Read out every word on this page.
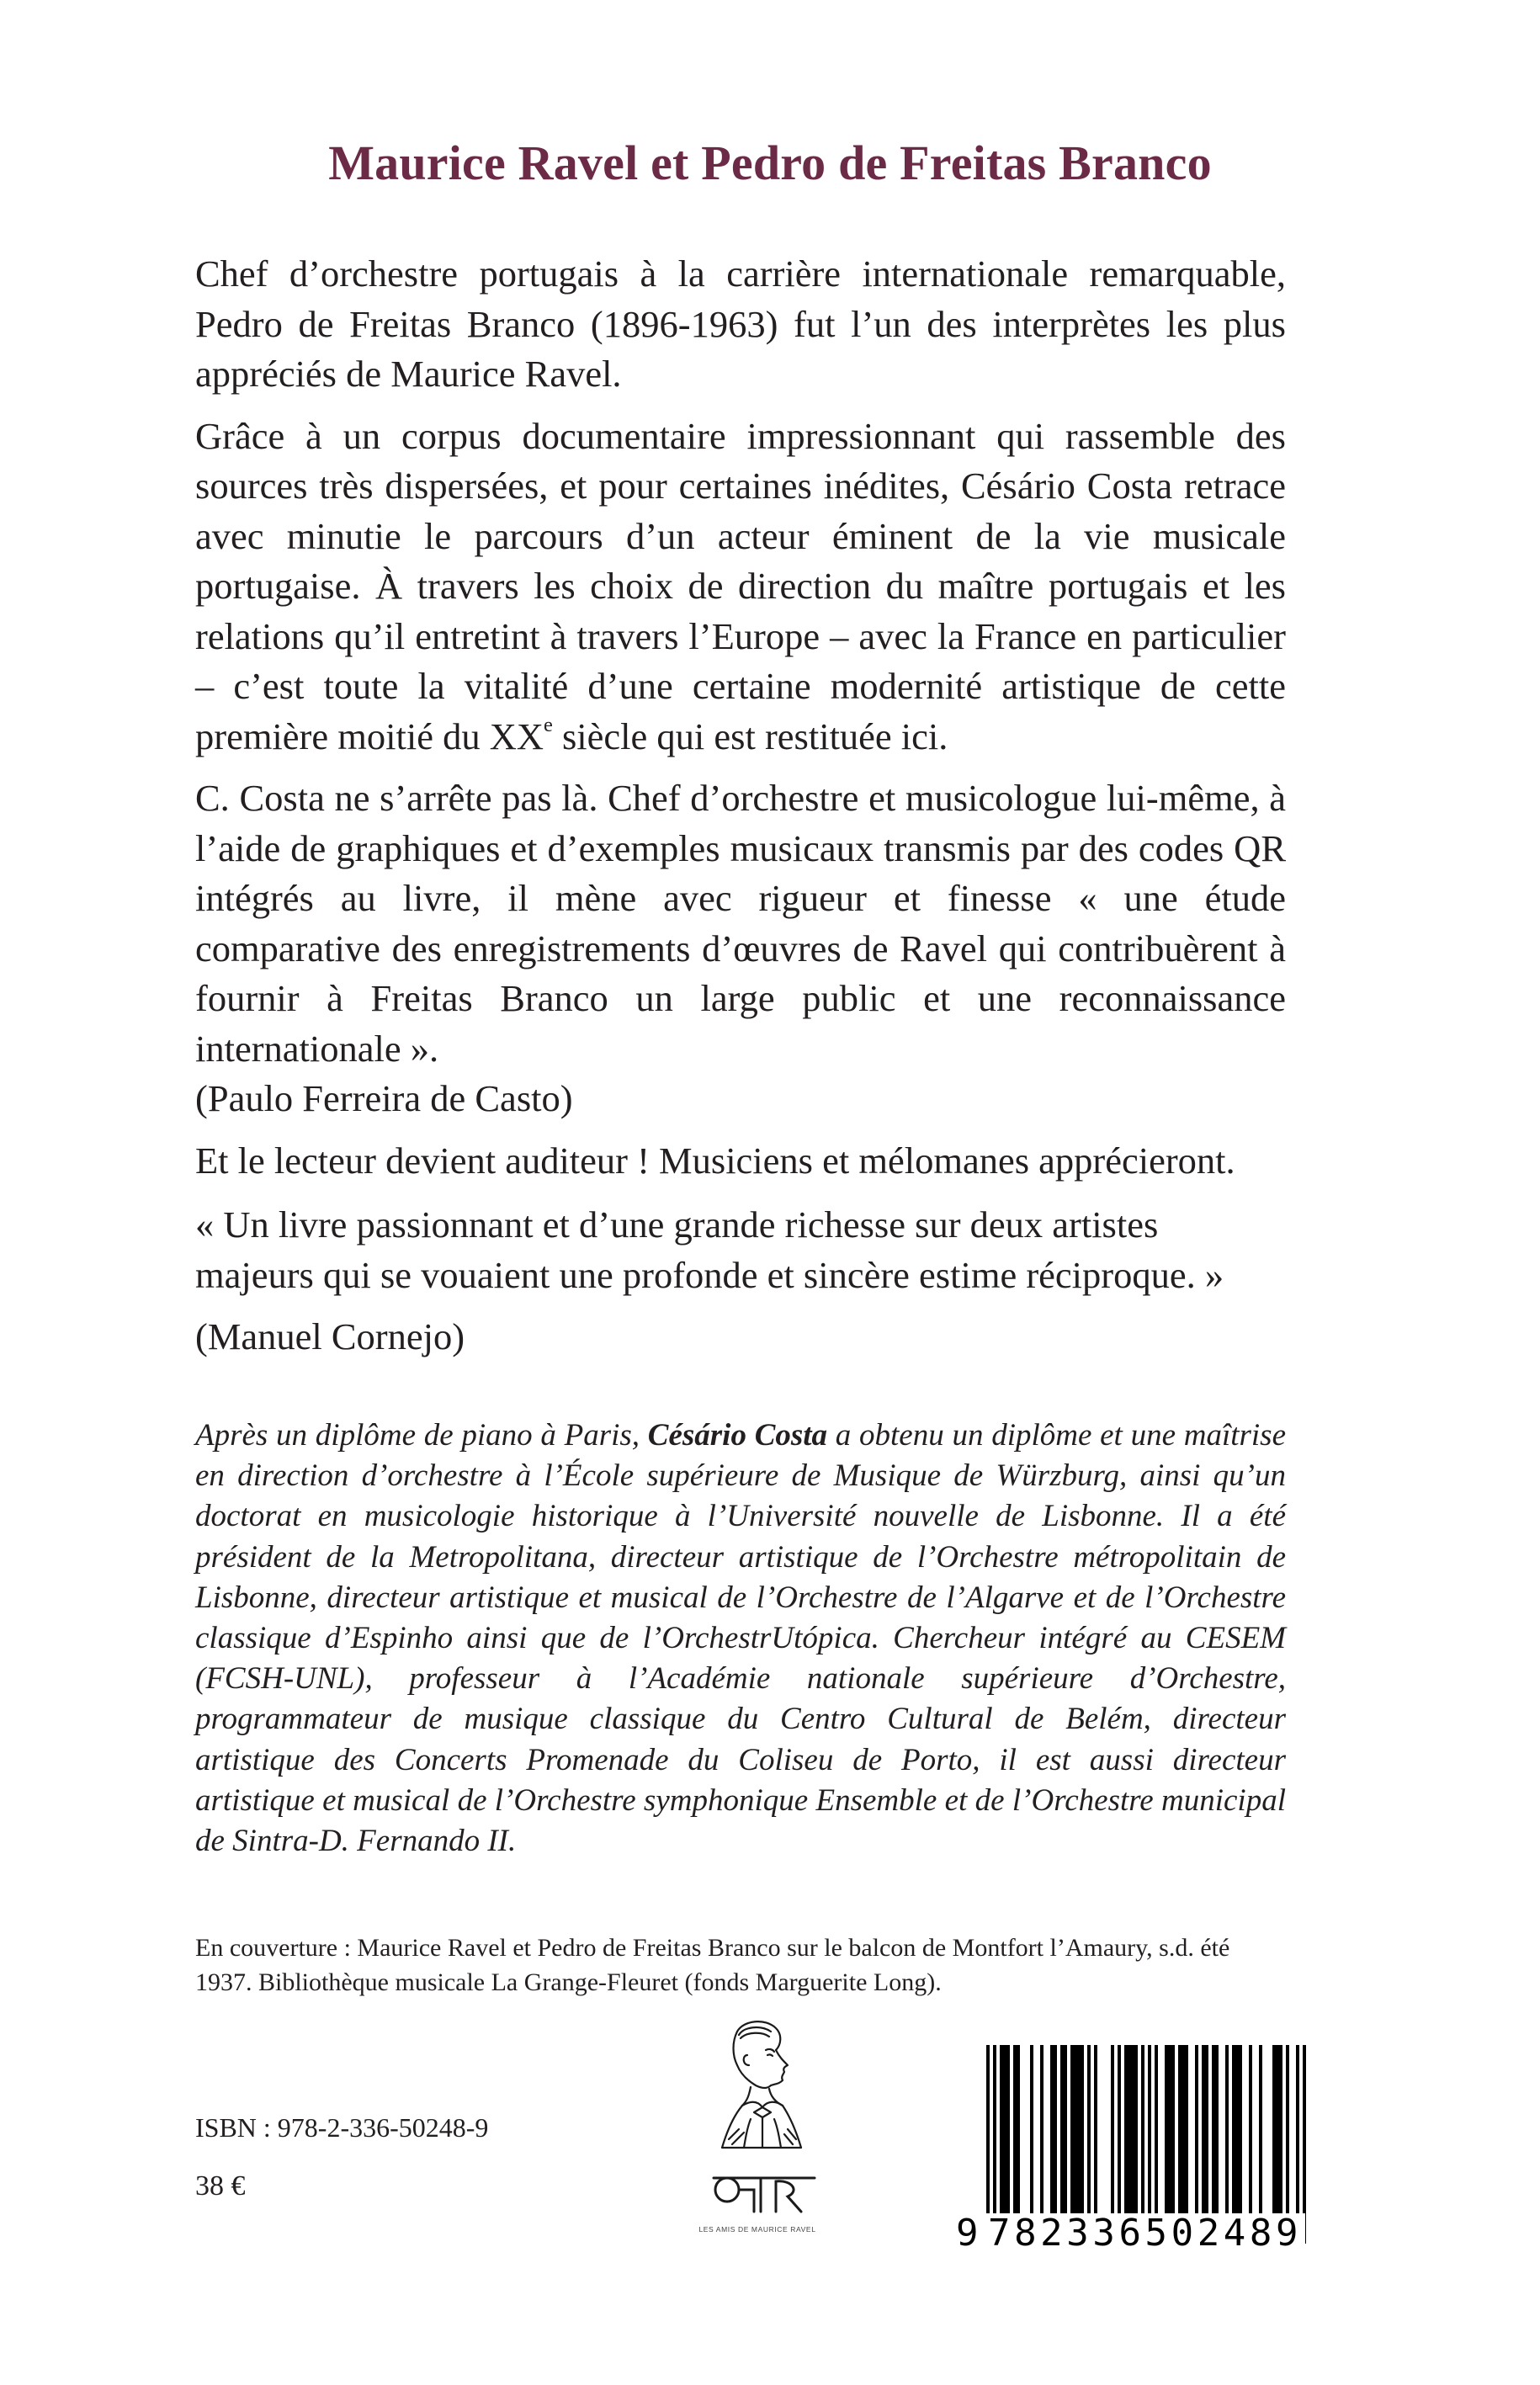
Maurice Ravel et Pedro de Freitas Branco

Chef d’orchestre portugais à la carrière internationale remarquable, Pedro de Freitas Branco (1896-1963) fut l’un des interprètes les plus appréciés de Maurice Ravel.

Grâce à un corpus documentaire impressionnant qui rassemble des sources très dispersées, et pour certaines inédites, Césário Costa retrace avec minutie le parcours d’un acteur éminent de la vie musicale portugaise. À travers les choix de direction du maître portugais et les relations qu’il entretint à travers l’Europe – avec la France en particulier – c’est toute la vitalité d’une certaine modernité artistique de cette première moitié du XXe siècle qui est restituée ici.

C. Costa ne s’arrête pas là. Chef d’orchestre et musicologue lui-même, à l’aide de graphiques et d’exemples musicaux transmis par des codes QR intégrés au livre, il mène avec rigueur et finesse « une étude comparative des enregistrements d’œuvres de Ravel qui contribuèrent à fournir à Freitas Branco un large public et une reconnaissance internationale ».
(Paulo Ferreira de Casto)

Et le lecteur devient auditeur ! Musiciens et mélomanes apprécieront.

« Un livre passionnant et d’une grande richesse sur deux artistes majeurs qui se vouaient une profonde et sincère estime réciproque. »

(Manuel Cornejo)

Après un diplôme de piano à Paris, Césário Costa a obtenu un diplôme et une maîtrise en direction d’orchestre à l’École supérieure de Musique de Würzburg, ainsi qu’un doctorat en musicologie historique à l’Université nouvelle de Lisbonne. Il a été président de la Metropolitana, directeur artistique de l’Orchestre métropolitain de Lisbonne, directeur artistique et musical de l’Orchestre de l’Algarve et de l’Orchestre classique d’Espinho ainsi que de l’OrchestrUtópica. Chercheur intégré au CESEM (FCSH-UNL), professeur à l’Académie nationale supérieure d’Orchestre, programmateur de musique classique du Centro Cultural de Belém, directeur artistique des Concerts Promenade du Coliseu de Porto, il est aussi directeur artistique et musical de l’Orchestre symphonique Ensemble et de l’Orchestre municipal de Sintra-D. Fernando II.
En couverture : Maurice Ravel et Pedro de Freitas Branco sur le balcon de Montfort l’Amaury, s.d. été 1937. Bibliothèque musicale La Grange-Fleuret (fonds Marguerite Long).
ISBN : 978-2-336-50248-9
38 €
LES AMIS DE MAURICE RAVEL	9 782336502489
